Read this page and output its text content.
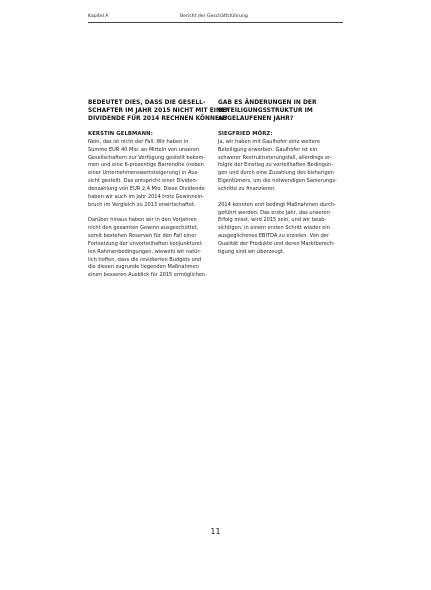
Kapitel A	Bericht der Geschäftsführung
BEDEUTET DIES, DASS DIE GESELL-
SCHAFTER IM JAHR 2015 NICHT MIT EINER
DIVIDENDE FÜR 2014 RECHNEN KÖNNEN?
KERSTIN GELBMANN:
Nein, das ist nicht der Fall. Wir haben in
Summe EUR 40 Mio. an Mitteln von unseren
Gesellschaftern zur Verfügung gestellt bekom-
men und eine 6-prozentige Barrendite (neben
einer Unternehmenswertsteigerung) in Aus-
sicht gestellt. Das entspricht einer Dividen-
denzahlung von EUR 2,4 Mio. Diese Dividende
haben wir auch im Jahr 2014 trotz Gewinnein-
bruch im Vergleich zu 2013 erwirtschaftet.
Darüber hinaus haben wir in den Vorjahren
nicht den gesamten Gewinn ausgeschüttet,
somit bestehen Reserven für den Fall einer
Fortsetzung der unvorteilhaften konjunkturel-
len Rahmenbedingungen, wiewohl wir natür-
lich hoffen, dass die revidierten Budgets und
die diesen zugrunde liegenden Maßnahmen
einen besseren Ausblick für 2015 ermöglichen.
GAB ES ÄNDERUNGEN IN DER
BETEILIGUNGSSTRUKTUR IM
ABGELAUFENEN JAHR?
SIEGFRIED MÖRZ:
Ja, wir haben mit Gaulhofer eine weitere
Beteiligung erworben. Gaulhofer ist ein
schwerer Restrukturierungsfall, allerdings er-
folgte der Einstieg zu vorteilhaften Bedingun-
gen und durch eine Zuzahlung des bisherigen
Eigentümers, um die notwendigen Sanierungs-
schritte zu finanzieren.
2014 konnten erst bedingt Maßnahmen durch-
geführt werden. Das erste Jahr, das unseren
Erfolg misst, wird 2015 sein, und wir beab-
sichtigen, in einem ersten Schritt wieder ein
ausgeglichenes EBITDA zu erzielen. Von der
Qualität der Produkte und deren Marktberech-
tigung sind wir überzeugt.
11
